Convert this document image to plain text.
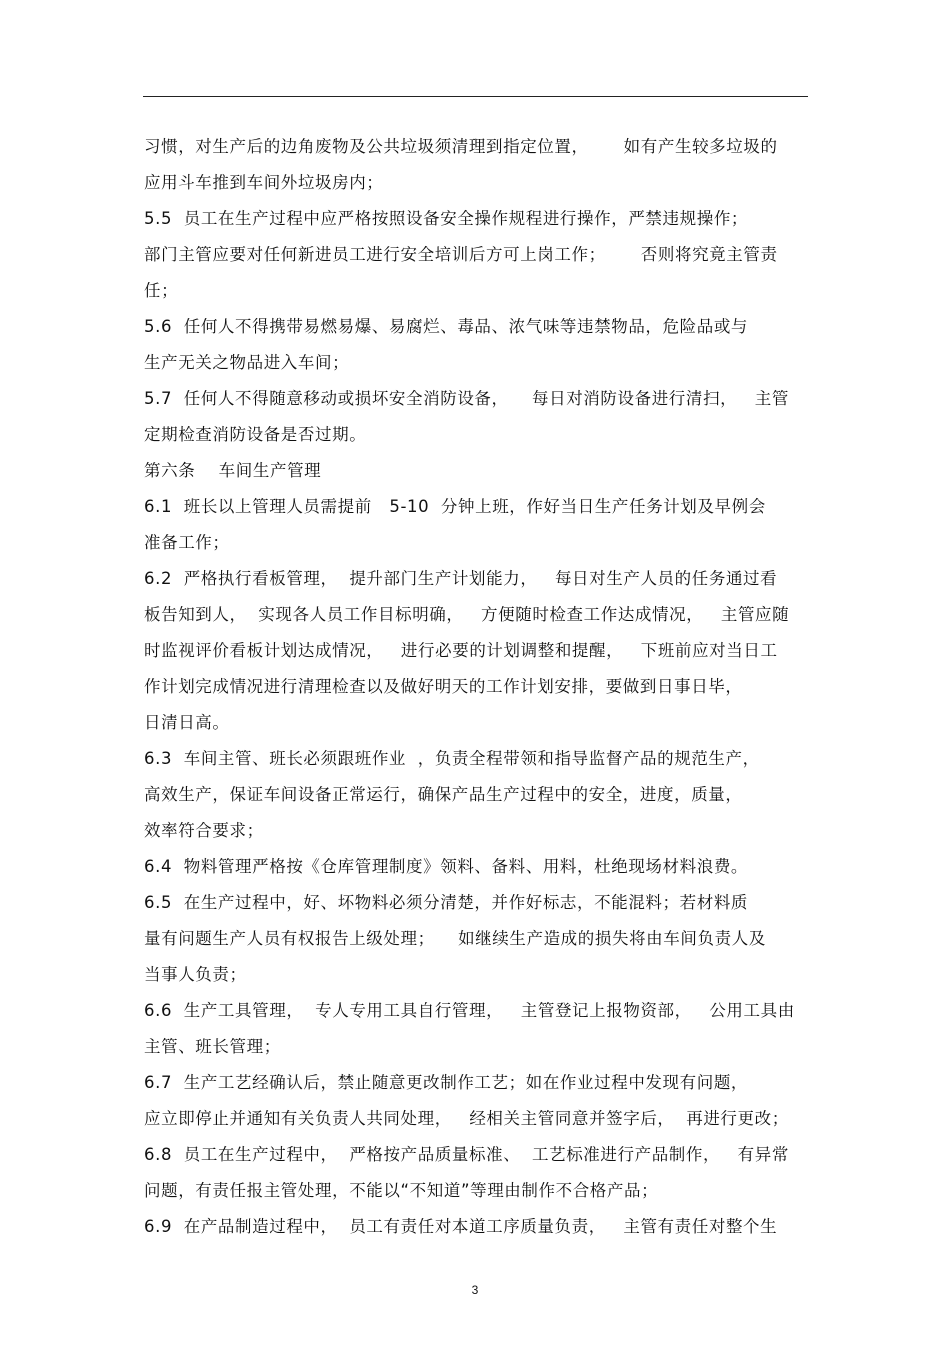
习惯，对生产后的边角废物及公共垃圾须清理到指定位置，      如有产生较多垃圾的
应用斗车推到车间外垃圾房内；
5.5  员工在生产过程中应严格按照设备安全操作规程进行操作，严禁违规操作；
部门主管应要对任何新进员工进行安全培训后方可上岗工作；      否则将究竟主管责
任；
5.6  任何人不得携带易燃易爆、易腐烂、毒品、浓气味等违禁物品，危险品或与
生产无关之物品进入车间；
5.7  任何人不得随意移动或损坏安全消防设备，    每日对消防设备进行清扫，   主管
定期检查消防设备是否过期。
第六条    车间生产管理
6.1  班长以上管理人员需提前   5-10  分钟上班，作好当日生产任务计划及早例会
准备工作；
6.2  严格执行看板管理，  提升部门生产计划能力，   每日对生产人员的任务通过看
板告知到人，  实现各人员工作目标明确，   方便随时检查工作达成情况，   主管应随
时监视评价看板计划达成情况，   进行必要的计划调整和提醒，   下班前应对当日工
作计划完成情况进行清理检查以及做好明天的工作计划安排，要做到日事日毕，
日清日高。
6.3  车间主管、班长必须跟班作业  ，负责全程带领和指导监督产品的规范生产，
高效生产，保证车间设备正常运行，确保产品生产过程中的安全，进度，质量，
效率符合要求；
6.4  物料管理严格按《仓库管理制度》领料、备料、用料，杜绝现场材料浪费。
6.5  在生产过程中，好、坏物料必须分清楚，并作好标志，不能混料；若材料质
量有问题生产人员有权报告上级处理；    如继续生产造成的损失将由车间负责人及
当事人负责；
6.6  生产工具管理，  专人专用工具自行管理，   主管登记上报物资部，   公用工具由
主管、班长管理；
6.7  生产工艺经确认后，禁止随意更改制作工艺；如在作业过程中发现有问题，
应立即停止并通知有关负责人共同处理，   经相关主管同意并签字后，  再进行更改；
6.8  员工在生产过程中，  严格按产品质量标准、  工艺标准进行产品制作，   有异常
问题，有责任报主管处理，不能以“不知道”等理由制作不合格产品；
6.9  在产品制造过程中，  员工有责任对本道工序质量负责，   主管有责任对整个生
3
